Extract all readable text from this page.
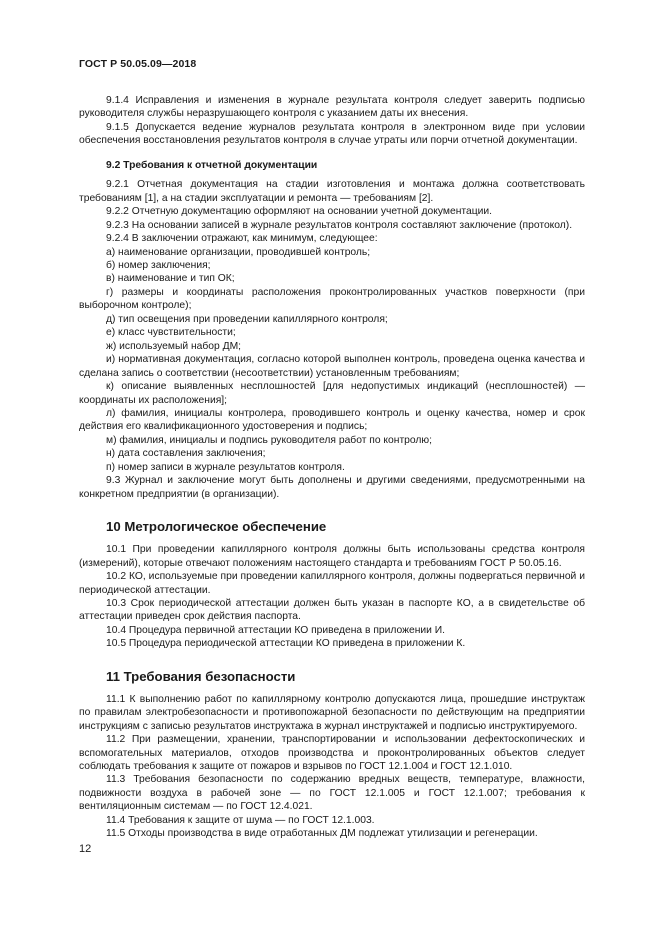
ГОСТ Р 50.05.09—2018

9.1.4 Исправления и изменения в журнале результата контроля следует заверить подписью руководителя службы неразрушающего контроля с указанием даты их внесения.

9.1.5 Допускается ведение журналов результата контроля в электронном виде при условии обеспечения восстановления результатов контроля в случае утраты или порчи отчетной документации.

9.2 Требования к отчетной документации

9.2.1 Отчетная документация на стадии изготовления и монтажа должна соответствовать требованиям [1], а на стадии эксплуатации и ремонта — требованиям [2].

9.2.2 Отчетную документацию оформляют на основании учетной документации.

9.2.3 На основании записей в журнале результатов контроля составляют заключение (протокол).

9.2.4 В заключении отражают, как минимум, следующее:

а) наименование организации, проводившей контроль;

б) номер заключения;

в) наименование и тип ОК;

г) размеры и координаты расположения проконтролированных участков поверхности (при выборочном контроле);

д) тип освещения при проведении капиллярного контроля;

е) класс чувствительности;

ж) используемый набор ДМ;

и) нормативная документация, согласно которой выполнен контроль, проведена оценка качества и сделана запись о соответствии (несоответствии) установленным требованиям;

к) описание выявленных несплошностей [для недопустимых индикаций (несплошностей) — координаты их расположения];

л) фамилия, инициалы контролера, проводившего контроль и оценку качества, номер и срок действия его квалификационного удостоверения и подпись;

м) фамилия, инициалы и подпись руководителя работ по контролю;

н) дата составления заключения;

п) номер записи в журнале результатов контроля.

9.3 Журнал и заключение могут быть дополнены и другими сведениями, предусмотренными на конкретном предприятии (в организации).

10 Метрологическое обеспечение

10.1 При проведении капиллярного контроля должны быть использованы средства контроля (измерений), которые отвечают положениям настоящего стандарта и требованиям ГОСТ Р 50.05.16.

10.2 КО, используемые при проведении капиллярного контроля, должны подвергаться первичной и периодической аттестации.

10.3 Срок периодической аттестации должен быть указан в паспорте КО, а в свидетельстве об аттестации приведен срок действия паспорта.

10.4 Процедура первичной аттестации КО приведена в приложении И.

10.5 Процедура периодической аттестации КО приведена в приложении К.

11 Требования безопасности

11.1 К выполнению работ по капиллярному контролю допускаются лица, прошедшие инструктаж по правилам электробезопасности и противопожарной безопасности по действующим на предприятии инструкциям с записью результатов инструктажа в журнал инструктажей и подписью инструктируемого.

11.2 При размещении, хранении, транспортировании и использовании дефектоскопических и вспомогательных материалов, отходов производства и проконтролированных объектов следует соблюдать требования к защите от пожаров и взрывов по ГОСТ 12.1.004 и ГОСТ 12.1.010.

11.3 Требования безопасности по содержанию вредных веществ, температуре, влажности, подвижности воздуха в рабочей зоне — по ГОСТ 12.1.005 и ГОСТ 12.1.007; требования к вентиляционным системам — по ГОСТ 12.4.021.

11.4 Требования к защите от шума — по ГОСТ 12.1.003.

11.5 Отходы производства в виде отработанных ДМ подлежат утилизации и регенерации.

12
